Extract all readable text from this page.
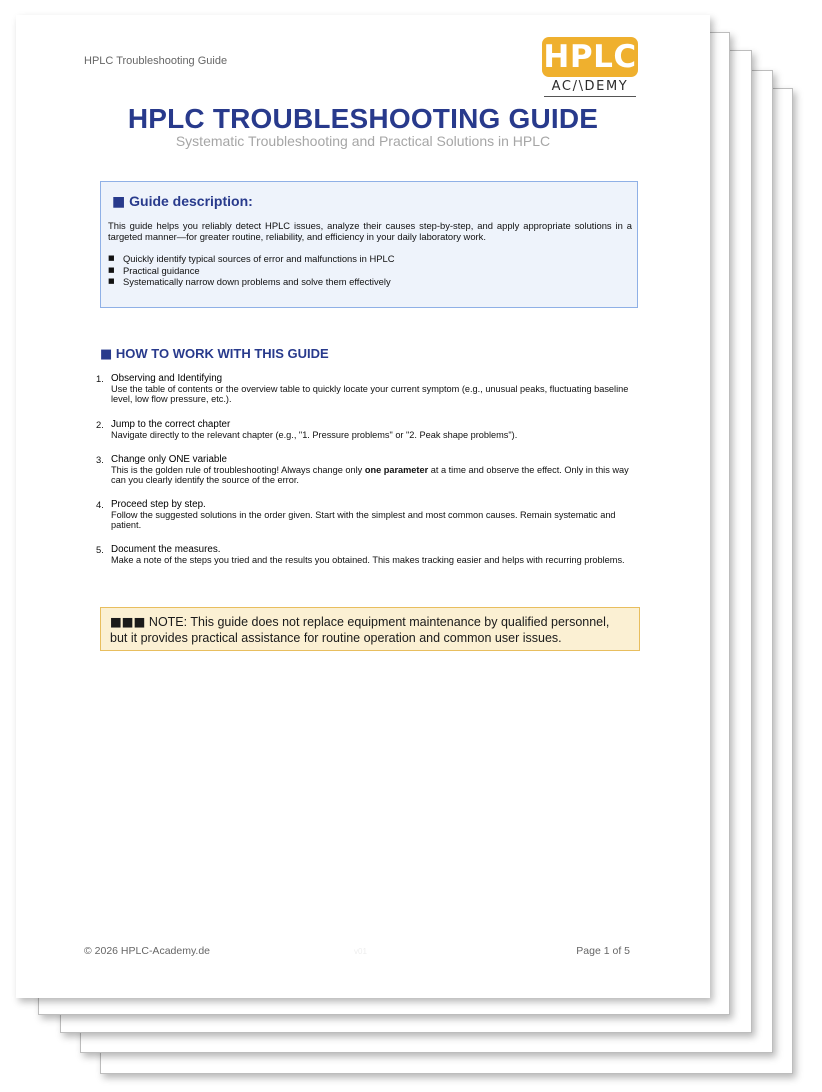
HPLC Troubleshooting Guide	HPLC
AC/\DEMY
HPLC TROUBLESHOOTING GUIDE
Systematic Troubleshooting and Practical Solutions in HPLC
■ Guide description:
This guide helps you reliably detect HPLC issues, analyze their causes step-by-step, and apply appropriate solutions in a targeted manner—for greater routine, reliability, and efficiency in your daily laboratory work.
■ Quickly identify typical sources of error and malfunctions in HPLC
■ Practical guidance
■ Systematically narrow down problems and solve them effectively
■ HOW TO WORK WITH THIS GUIDE
1. Observing and Identifying
Use the table of contents or the overview table to quickly locate your current symptom (e.g., unusual peaks, fluctuating baseline level, low flow pressure, etc.).
2. Jump to the correct chapter
Navigate directly to the relevant chapter (e.g., "1. Pressure problems" or "2. Peak shape problems").
3. Change only ONE variable
This is the golden rule of troubleshooting! Always change only one parameter at a time and observe the effect. Only in this way can you clearly identify the source of the error.
4. Proceed step by step.
Follow the suggested solutions in the order given. Start with the simplest and most common causes. Remain systematic and patient.
5. Document the measures.
Make a note of the steps you tried and the results you obtained. This makes tracking easier and helps with recurring problems.
■■■ NOTE: This guide does not replace equipment maintenance by qualified personnel, but it provides practical assistance for routine operation and common user issues.
© 2026 HPLC-Academy.de	v01	Page 1 of 5
